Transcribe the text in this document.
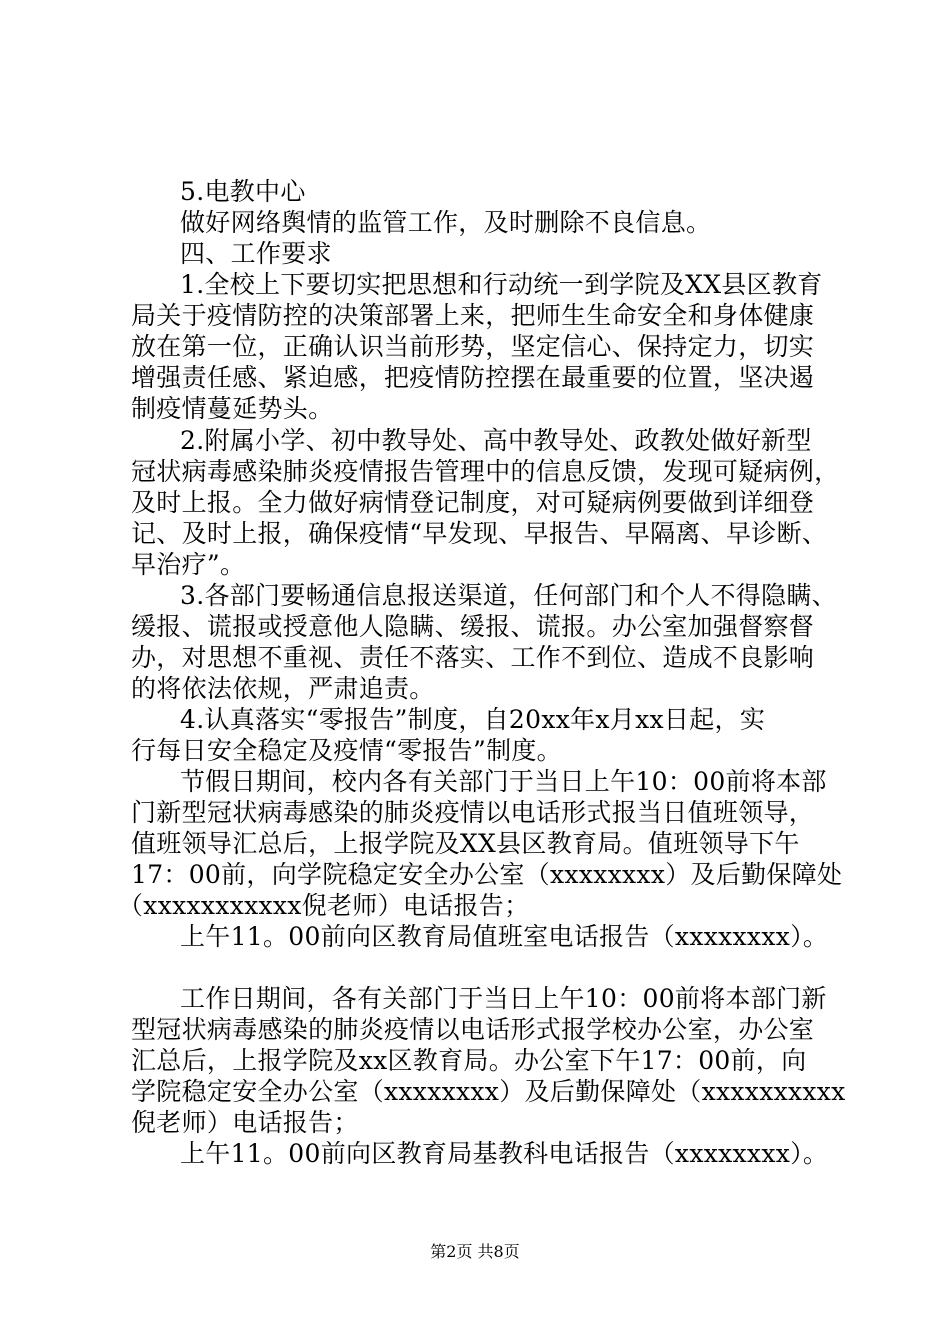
5.电教中心
做好网络舆情的监管工作，及时删除不良信息。
四、工作要求
1.全校上下要切实把思想和行动统一到学院及XX县区教育
局关于疫情防控的决策部署上来，把师生生命安全和身体健康
放在第一位，正确认识当前形势，坚定信心、保持定力，切实
增强责任感、紧迫感，把疫情防控摆在最重要的位置，坚决遏
制疫情蔓延势头。
2.附属小学、初中教导处、高中教导处、政教处做好新型
冠状病毒感染肺炎疫情报告管理中的信息反馈，发现可疑病例，
及时上报。全力做好病情登记制度，对可疑病例要做到详细登
记、及时上报，确保疫情“早发现、早报告、早隔离、早诊断、
早治疗”。
3.各部门要畅通信息报送渠道，任何部门和个人不得隐瞒、
缓报、谎报或授意他人隐瞒、缓报、谎报。办公室加强督察督
办，对思想不重视、责任不落实、工作不到位、造成不良影响
的将依法依规，严肃追责。
4.认真落实“零报告”制度，自20xx年x月xx日起，实
行每日安全稳定及疫情“零报告”制度。
节假日期间，校内各有关部门于当日上午10：00前将本部
门新型冠状病毒感染的肺炎疫情以电话形式报当日值班领导，
值班领导汇总后，上报学院及XX县区教育局。值班领导下午
17：00前，向学院稳定安全办公室（xxxxxxxx）及后勤保障处
（xxxxxxxxxxx倪老师）电话报告；
上午11。00前向区教育局值班室电话报告（xxxxxxxx）。
工作日期间，各有关部门于当日上午10：00前将本部门新
型冠状病毒感染的肺炎疫情以电话形式报学校办公室，办公室
汇总后，上报学院及xx区教育局。办公室下午17：00前，向
学院稳定安全办公室（xxxxxxxx）及后勤保障处（xxxxxxxxxx
倪老师）电话报告；
上午11。00前向区教育局基教科电话报告（xxxxxxxx）。
第2页 共8页
